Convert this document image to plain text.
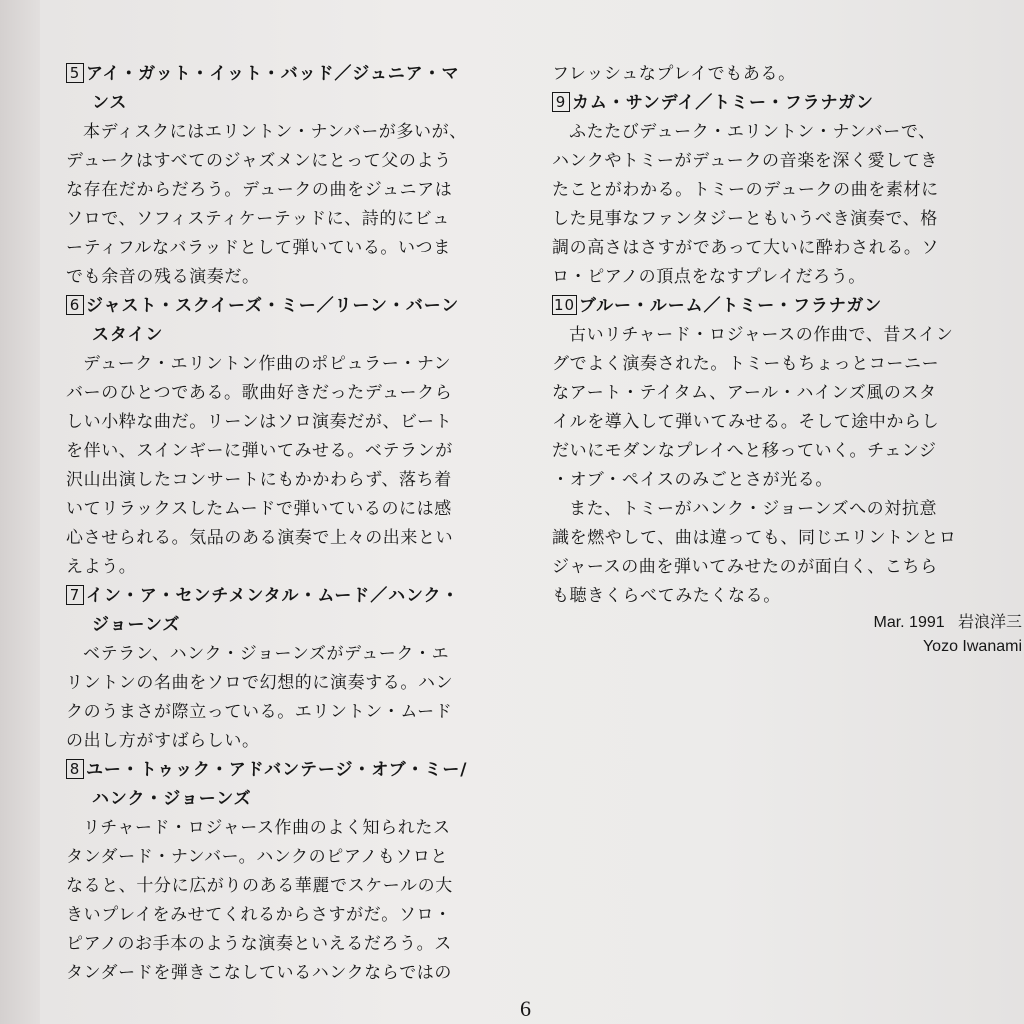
5 アイ・ガット・イット・バッド／ジュニア・マ
ンス
本ディスクにはエリントン・ナンバーが多いが、
デュークはすべてのジャズメンにとって父のよう
な存在だからだろう。デュークの曲をジュニアは
ソロで、ソフィスティケーテッドに、詩的にビュ
ーティフルなバラッドとして弾いている。いつま
でも余音の残る演奏だ。
6 ジャスト・スクイーズ・ミー／リーン・バーン
スタイン
デューク・エリントン作曲のポピュラー・ナン
バーのひとつである。歌曲好きだったデュークら
しい小粋な曲だ。リーンはソロ演奏だが、ビート
を伴い、スインギーに弾いてみせる。ベテランが
沢山出演したコンサートにもかかわらず、落ち着
いてリラックスしたムードで弾いているのには感
心させられる。気品のある演奏で上々の出来とい
えよう。
7 イン・ア・センチメンタル・ムード／ハンク・
ジョーンズ
ベテラン、ハンク・ジョーンズがデューク・エ
リントンの名曲をソロで幻想的に演奏する。ハン
クのうまさが際立っている。エリントン・ムード
の出し方がすばらしい。
8 ユー・トゥック・アドバンテージ・オブ・ミー/
ハンク・ジョーンズ
リチャード・ロジャース作曲のよく知られたス
タンダード・ナンバー。ハンクのピアノもソロと
なると、十分に広がりのある華麗でスケールの大
きいプレイをみせてくれるからさすがだ。ソロ・
ピアノのお手本のような演奏といえるだろう。ス
タンダードを弾きこなしているハンクならではの
フレッシュなプレイでもある。
9 カム・サンデイ／トミー・フラナガン
ふたたびデューク・エリントン・ナンバーで、
ハンクやトミーがデュークの音楽を深く愛してき
たことがわかる。トミーのデュークの曲を素材に
した見事なファンタジーともいうべき演奏で、格
調の高さはさすがであって大いに酔わされる。ソ
ロ・ピアノの頂点をなすプレイだろう。
10 ブルー・ルーム／トミー・フラナガン
古いリチャード・ロジャースの作曲で、昔スイン
グでよく演奏された。トミーもちょっとコーニー
なアート・テイタム、アール・ハインズ風のスタ
イルを導入して弾いてみせる。そして途中からし
だいにモダンなプレイへと移っていく。チェンジ
・オブ・ペイスのみごとさが光る。
また、トミーがハンク・ジョーンズへの対抗意
識を燃やして、曲は違っても、同じエリントンとロ
ジャースの曲を弾いてみせたのが面白く、こちら
も聴きくらべてみたくなる。
Mar. 1991 岩浪洋三
Yozo Iwanami
6
